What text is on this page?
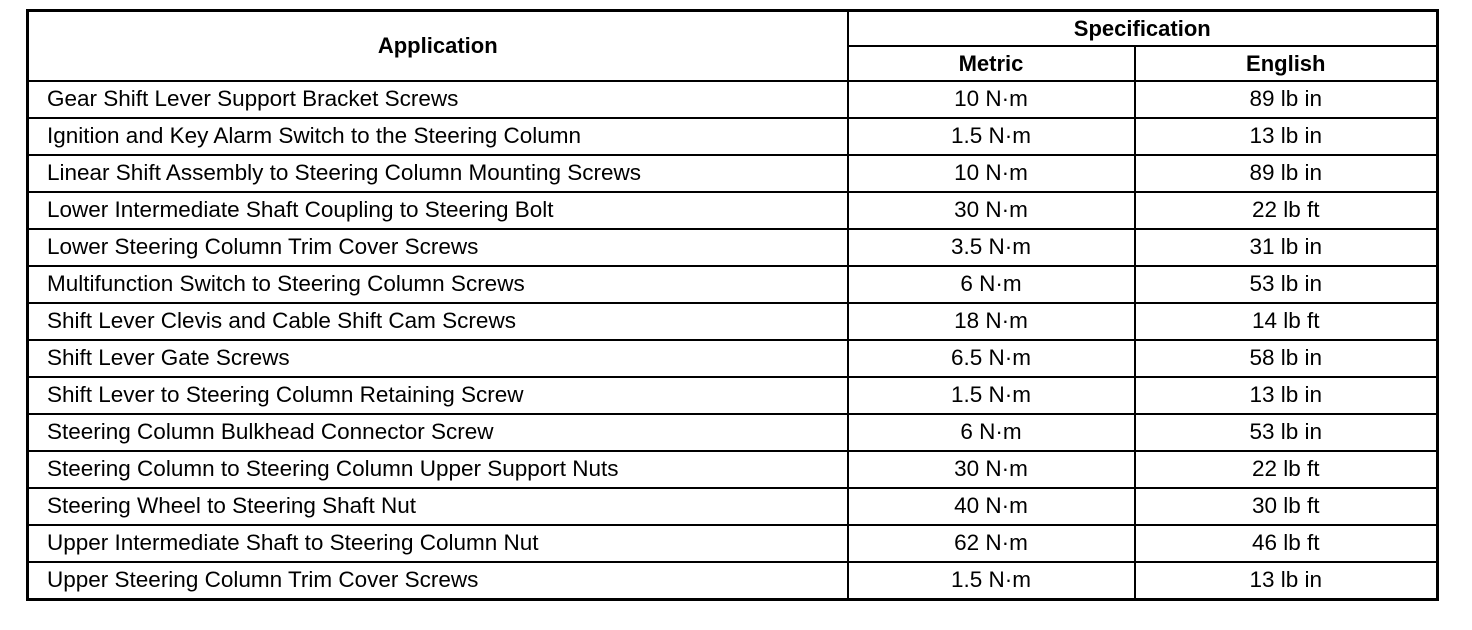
Application	Specification	
	Metric	English
Gear Shift Lever Support Bracket Screws	10 N·m	89 lb in
Ignition and Key Alarm Switch to the Steering Column	1.5 N·m	13 lb in
Linear Shift Assembly to Steering Column Mounting Screws	10 N·m	89 lb in
Lower Intermediate Shaft Coupling to Steering Bolt	30 N·m	22 lb ft
Lower Steering Column Trim Cover Screws	3.5 N·m	31 lb in
Multifunction Switch to Steering Column Screws	6 N·m	53 lb in
Shift Lever Clevis and Cable Shift Cam Screws	18 N·m	14 lb ft
Shift Lever Gate Screws	6.5 N·m	58 lb in
Shift Lever to Steering Column Retaining Screw	1.5 N·m	13 lb in
Steering Column Bulkhead Connector Screw	6 N·m	53 lb in
Steering Column to Steering Column Upper Support Nuts	30 N·m	22 lb ft
Steering Wheel to Steering Shaft Nut	40 N·m	30 lb ft
Upper Intermediate Shaft to Steering Column Nut	62 N·m	46 lb ft
Upper Steering Column Trim Cover Screws	1.5 N·m	13 lb in
